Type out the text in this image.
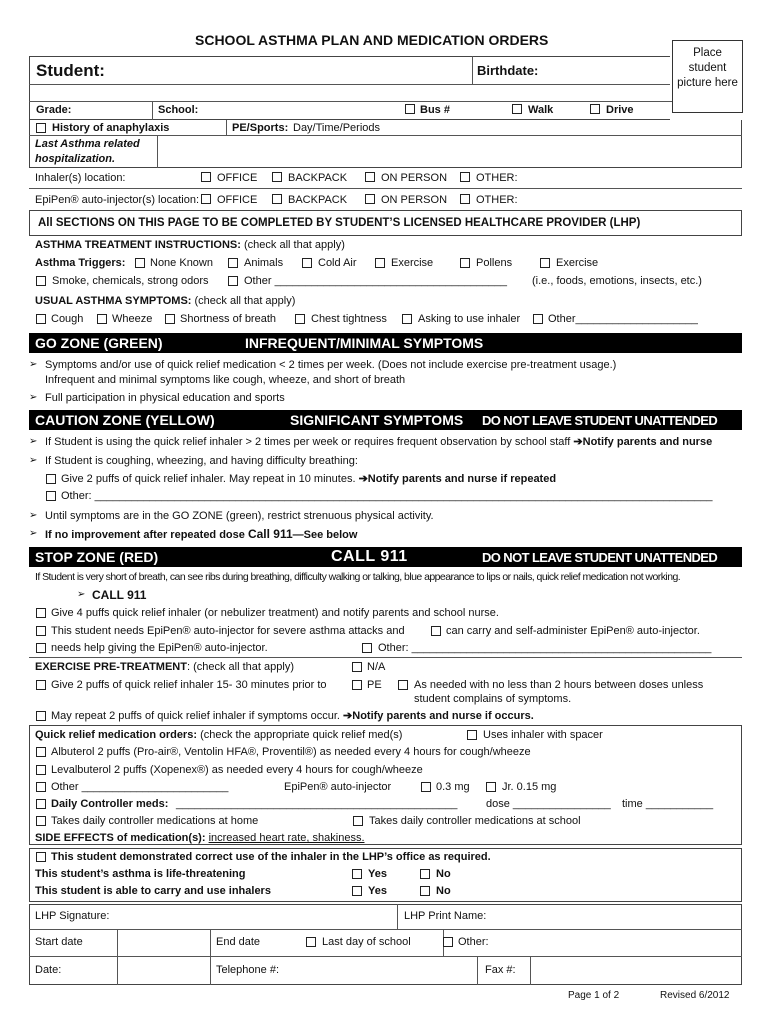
SCHOOL ASTHMA PLAN AND MEDICATION ORDERS
Place student picture here
Student:	Birthdate:
Grade:	School:	Bus #	Walk	Drive
History of anaphylaxis	PE/Sports: Day/Time/Periods
Last Asthma related
hospitalization.
Inhaler(s) location:	OFFICE	BACKPACK	ON PERSON	OTHER:
EpiPen® auto-injector(s) location: OFFICE	BACKPACK	ON PERSON	OTHER:
All SECTIONS ON THIS PAGE TO BE COMPLETED BY STUDENT’S LICENSED HEALTHCARE PROVIDER (LHP)
ASTHMA TREATMENT INSTRUCTIONS: (check all that apply)
Asthma Triggers: None Known	Animals	Cold Air	Exercise	Pollens	Exercise
Smoke, chemicals, strong odors	Other ______________________________________ (i.e., foods, emotions, insects, etc.)
USUAL ASTHMA SYMPTOMS: (check all that apply)
Cough	Wheeze	Shortness of breath	Chest tightness	Asking to use inhaler	Other____________________
GO ZONE (GREEN)	INFREQUENT/MINIMAL SYMPTOMS
➢ Symptoms and/or use of quick relief medication < 2 times per week. (Does not include exercise pre-treatment usage.)
Infrequent and minimal symptoms like cough, wheeze, and short of breath
➢ Full participation in physical education and sports
CAUTION ZONE (YELLOW)	SIGNIFICANT SYMPTOMS DO NOT LEAVE STUDENT UNATTENDED
➢ If Student is using the quick relief inhaler > 2 times per week or requires frequent observation by school staff ➔Notify parents and nurse
➢ If Student is coughing, wheezing, and having difficulty breathing:
Give 2 puffs of quick relief inhaler. May repeat in 10 minutes. ➔Notify parents and nurse if repeated
Other: _____________________________________________________________________________________________________
➢ Until symptoms are in the GO ZONE (green), restrict strenuous physical activity.
➢ If no improvement after repeated dose Call 911—See below
STOP ZONE (RED)	CALL 911	DO NOT LEAVE STUDENT UNATTENDED
If Student is very short of breath, can see ribs during breathing, difficulty walking or talking, blue appearance to lips or nails, quick relief medication not working.
➢ CALL 911
Give 4 puffs quick relief inhaler (or nebulizer treatment) and notify parents and school nurse.
This student needs EpiPen® auto-injector for severe asthma attacks and	can carry and self-administer EpiPen® auto-injector.
needs help giving the EpiPen® auto-injector.	Other: _________________________________________________
EXERCISE PRE-TREATMENT: (check all that apply)	N/A
Give 2 puffs of quick relief inhaler 15- 30 minutes prior to	PE	As needed with no less than 2 hours between doses unless
student complains of symptoms.
May repeat 2 puffs of quick relief inhaler if symptoms occur. ➔Notify parents and nurse if occurs.
Quick relief medication orders: (check the appropriate quick relief med(s)	Uses inhaler with spacer
Albuterol 2 puffs (Pro-air®, Ventolin HFA®, Proventil®) as needed every 4 hours for cough/wheeze
Levalbuterol 2 puffs (Xopenex®) as needed every 4 hours for cough/wheeze
Other ________________________	EpiPen® auto-injector	0.3 mg	Jr. 0.15 mg
Daily Controller meds: ______________________________________________	dose ________________ time ___________
Takes daily controller medications at home	Takes daily controller medications at school
SIDE EFFECTS of medication(s): increased heart rate, shakiness.
This student demonstrated correct use of the inhaler in the LHP’s office as required.
This student’s asthma is life-threatening	Yes	No
This student is able to carry and use inhalers	Yes	No
LHP Signature:	LHP Print Name:
Start date	End date	Last day of school	Other:
Date:	Telephone #:	Fax #:
Page 1 of 2	Revised 6/2012
